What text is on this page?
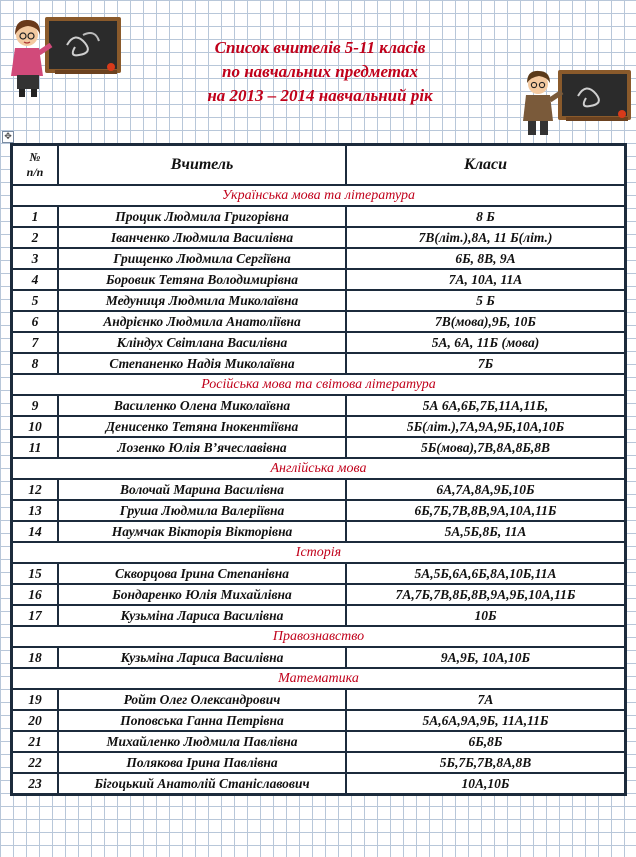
Список вчителів 5-11 класів
по навчальних предметах
на 2013 – 2014 навчальний рік
✥
№
п/п	Вчитель	Класи
Українська мова та література		
1	Процик Людмила Григорівна	8 Б
2	Іванченко Людмила Василівна	7В(літ.),8А, 11 Б(літ.)
3	Грищенко Людмила Сергіївна	6Б, 8В, 9А
4	Боровик Тетяна Володимирівна	7А, 10А, 11А
5	Медуниця Людмила Миколаївна	5 Б
6	Андрієнко Людмила Анатоліївна	7В(мова),9Б, 10Б
7	Кліндух Світлана Василівна	5А, 6А, 11Б (мова)
8	Степаненко Надія Миколаївна	7Б
Російська мова та світова література		
9	Василенко Олена Миколаївна	5А 6А,6Б,7Б,11А,11Б,
10	Денисенко Тетяна Інокентіївна	5Б(літ.),7А,9А,9Б,10А,10Б
11	Лозенко Юлія В’ячеславівна	5Б(мова),7В,8А,8Б,8В
Англійська мова		
12	Волочай Марина Василівна	6А,7А,8А,9Б,10Б
13	Груша Людмила Валеріївна	6Б,7Б,7В,8В,9А,10А,11Б
14	Наумчак Вікторія Вікторівна	5А,5Б,8Б, 11А
Історія		
15	Скворцова Ірина Степанівна	5А,5Б,6А,6Б,8А,10Б,11А
16	Бондаренко Юлія Михайлівна	7А,7Б,7В,8Б,8В,9А,9Б,10А,11Б
17	Кузьміна Лариса Василівна	10Б
Правознавство		
18	Кузьміна Лариса Василівна	9А,9Б, 10А,10Б
Математика		
19	Ройт Олег Олександрович	7А
20	Поповська Ганна Петрівна	5А,6А,9А,9Б, 11А,11Б
21	Михайленко Людмила Павлівна	6Б,8Б
22	Полякова Ірина Павлівна	5Б,7Б,7В,8А,8В
23	Бігоцький Анатолій Станіславович	10А,10Б
